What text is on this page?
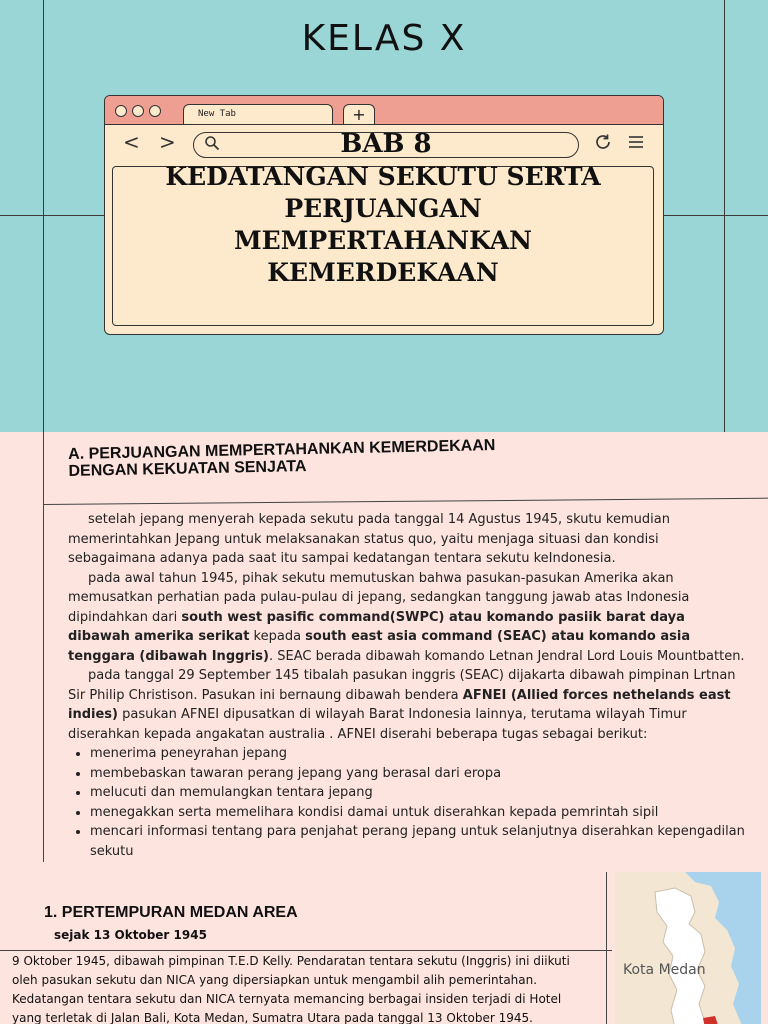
KELAS X
New Tab	+
< >	BAB 8
KEDATANGAN SEKUTU SERTA
PERJUANGAN
MEMPERTAHANKAN
KEMERDEKAAN
A. PERJUANGAN MEMPERTAHANKAN KEMERDEKAAN
DENGAN KEKUATAN SENJATA

setelah jepang menyerah kepada sekutu pada tanggal 14 Agustus 1945, skutu kemudian memerintahkan Jepang untuk melaksanakan status quo, yaitu menjaga situasi dan kondisi sebagaimana adanya pada saat itu sampai kedatangan tentara sekutu keIndonesia.

pada awal tahun 1945, pihak sekutu memutuskan bahwa pasukan-pasukan Amerika akan memusatkan perhatian pada pulau-pulau di jepang, sedangkan tanggung jawab atas Indonesia dipindahkan dari south west pasific command(SWPC) atau komando pasiik barat daya dibawah amerika serikat kepada south east asia command (SEAC) atau komando asia tenggara (dibawah Inggris). SEAC berada dibawah komando Letnan Jendral Lord Louis Mountbatten.

pada tanggal 29 September 145 tibalah pasukan inggris (SEAC) dijakarta dibawah pimpinan Lrtnan Sir Philip Christison. Pasukan ini bernaung dibawah bendera AFNEI (Allied forces nethelands east indies) pasukan AFNEI dipusatkan di wilayah Barat Indonesia lainnya, terutama wilayah Timur diserahkan kepada angakatan australia . AFNEI diserahi beberapa tugas sebagai berikut:

• menerima peneyrahan jepang
• membebaskan tawaran perang jepang yang berasal dari eropa
• melucuti dan memulangkan tentara jepang
• menegakkan serta memelihara kondisi damai untuk diserahkan kepada pemrintah sipil
• mencari informasi tentang para penjahat perang jepang untuk selanjutnya diserahkan kepengadilan sekutu
1. PERTEMPURAN MEDAN AREA
sejak 13 Oktober 1945
9 Oktober 1945, dibawah pimpinan T.E.D Kelly. Pendaratan tentara sekutu (Inggris) ini diikuti oleh pasukan sekutu dan NICA yang dipersiapkan untuk mengambil alih pemerintahan. Kedatangan tentara sekutu dan NICA ternyata memancing berbagai insiden terjadi di Hotel yang terletak di Jalan Bali, Kota Medan, Sumatra Utara pada tanggal 13 Oktober 1945.
Kota Medan
